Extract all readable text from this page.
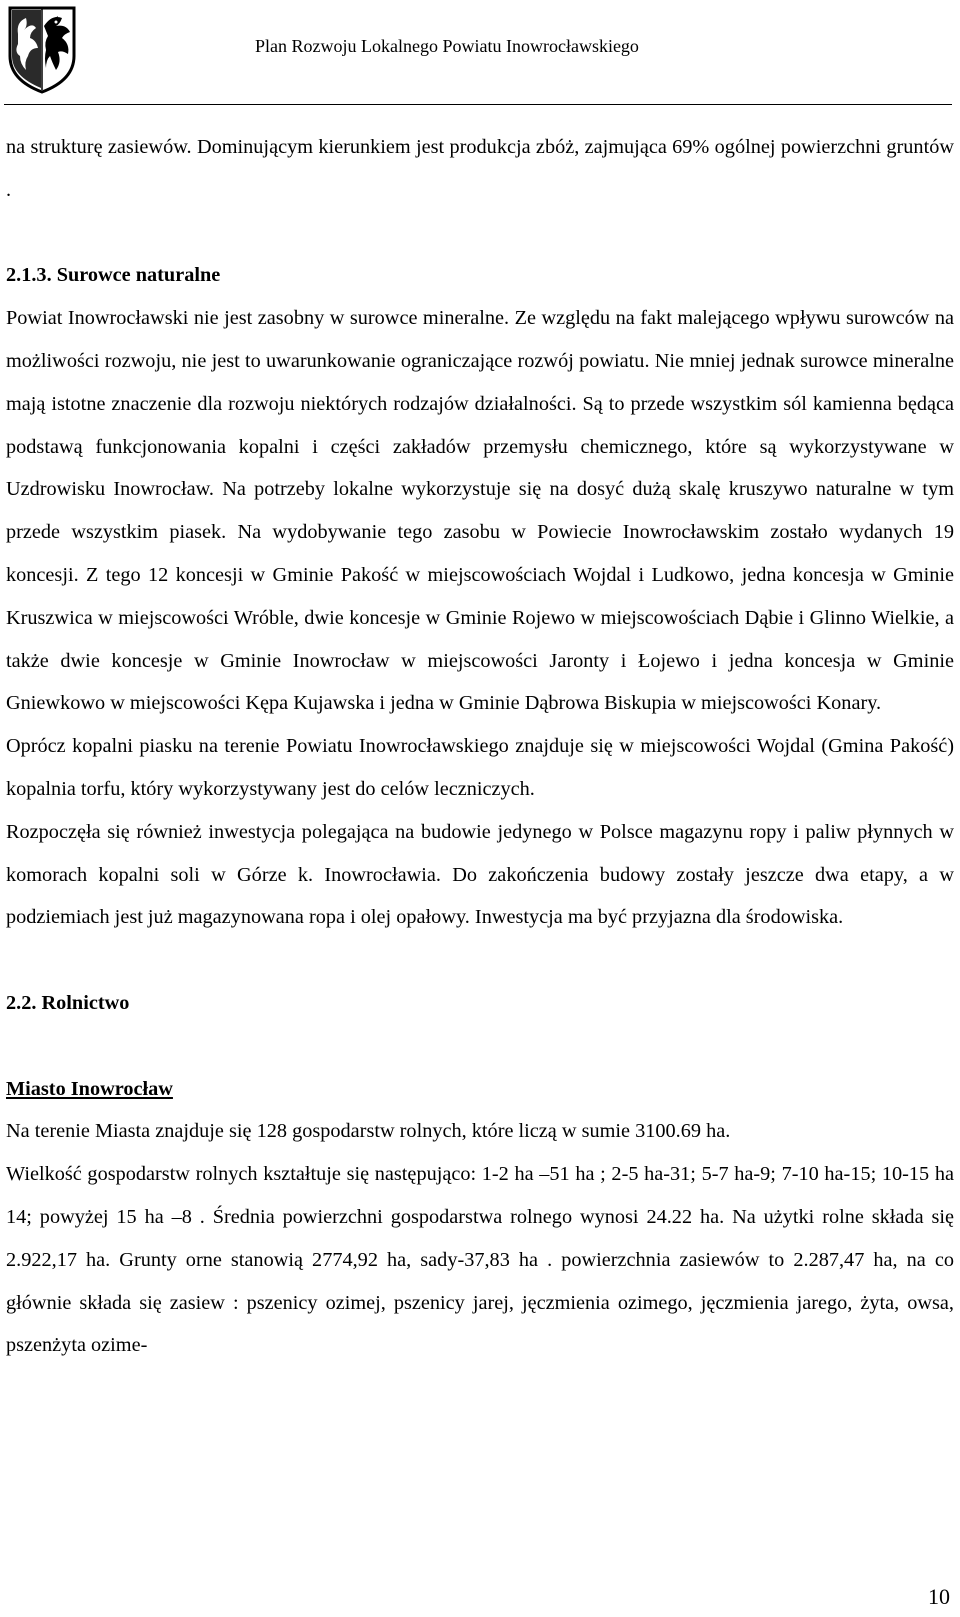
Plan Rozwoju Lokalnego Powiatu Inowrocławskiego

na strukturę zasiewów. Dominującym kierunkiem jest produkcja zbóż, zajmująca 69% ogólnej powierzchni gruntów .

2.1.3. Surowce naturalne

Powiat Inowrocławski nie jest zasobny w surowce mineralne. Ze względu na fakt malejącego wpływu surowców na możliwości rozwoju, nie jest to uwarunkowanie ograniczające rozwój powiatu. Nie mniej jednak surowce mineralne mają istotne znaczenie dla rozwoju niektórych rodzajów działalności. Są to przede wszystkim sól kamienna będąca podstawą funkcjonowania kopalni i części zakładów przemysłu chemicznego, które są wykorzystywane w Uzdrowisku Inowrocław. Na potrzeby lokalne wykorzystuje się na dosyć dużą skalę kruszywo naturalne w tym przede wszystkim piasek. Na wydobywanie tego zasobu w Powiecie Inowrocławskim zostało wydanych 19 koncesji. Z tego 12 koncesji w Gminie Pakość w miejscowościach Wojdal i Ludkowo, jedna koncesja w Gminie Kruszwica w miejscowości Wróble, dwie koncesje w Gminie Rojewo w miejscowościach Dąbie i Glinno Wielkie, a także dwie koncesje w Gminie Inowrocław w miejscowości Jaronty i Łojewo i jedna koncesja w Gminie Gniewkowo w miejscowości Kępa Kujawska i jedna w Gminie Dąbrowa Biskupia w miejscowości Konary.

Oprócz kopalni piasku na terenie Powiatu Inowrocławskiego znajduje się w miejscowości Wojdal (Gmina Pakość) kopalnia torfu, który wykorzystywany jest do celów leczniczych.

Rozpoczęła się również inwestycja polegająca na budowie jedynego w Polsce magazynu ropy i paliw płynnych w komorach kopalni soli w Górze k. Inowrocławia. Do zakończenia budowy zostały jeszcze dwa etapy, a w podziemiach jest już magazynowana ropa i olej opałowy. Inwestycja ma być przyjazna dla środowiska.

2.2. Rolnictwo

Miasto Inowrocław

Na terenie Miasta znajduje się 128 gospodarstw rolnych, które liczą w sumie 3100.69 ha.

Wielkość gospodarstw rolnych kształtuje się następująco: 1-2 ha –51 ha ; 2-5 ha-31; 5-7 ha-9; 7-10 ha-15; 10-15 ha 14; powyżej 15 ha –8 . Średnia powierzchni gospodarstwa rolnego wynosi 24.22 ha. Na użytki rolne składa się 2.922,17 ha. Grunty orne stanowią 2774,92 ha, sady-37,83 ha . powierzchnia zasiewów to 2.287,47 ha, na co głównie składa się zasiew : pszenicy ozimej, pszenicy jarej, jęczmienia ozimego, jęczmienia jarego, żyta, owsa, pszenżyta ozime-

10
